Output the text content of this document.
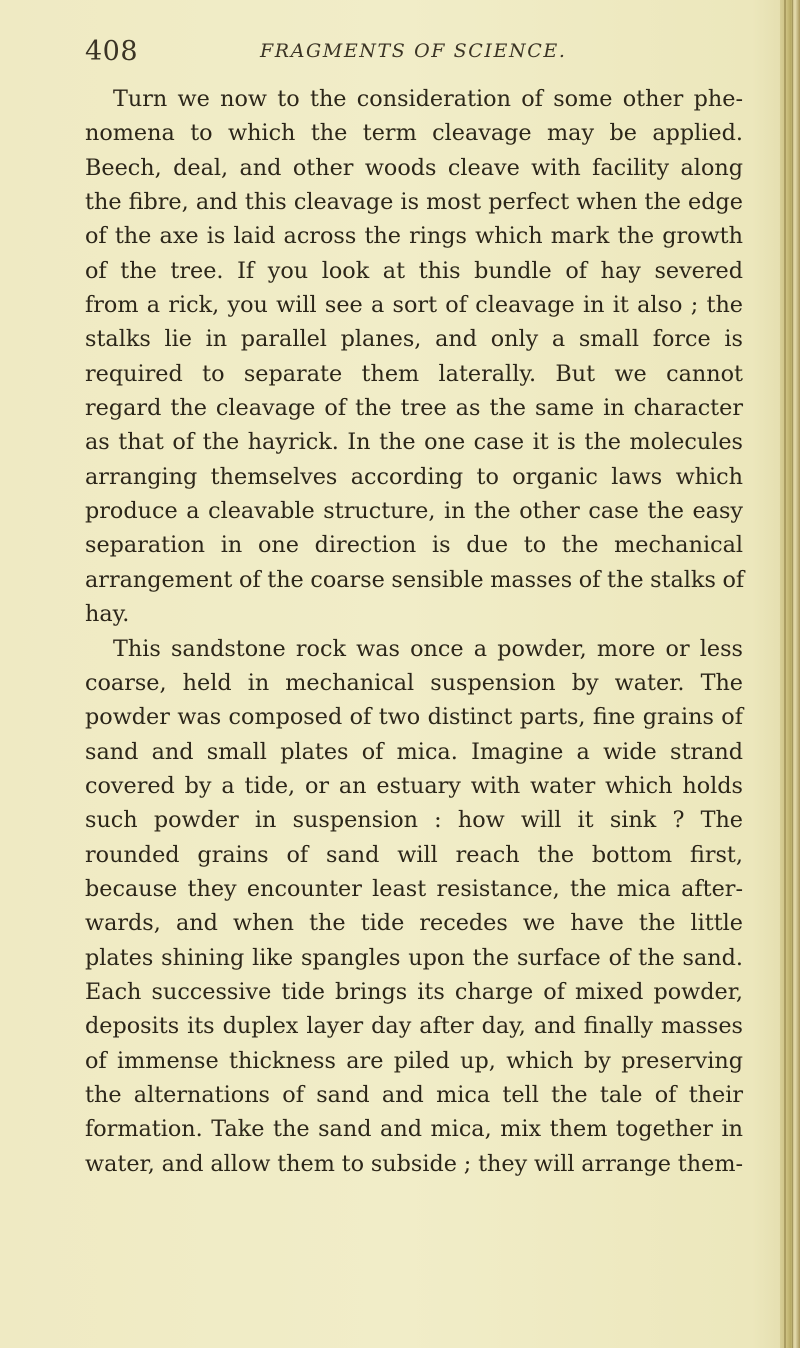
408	FRAGMENTS OF SCIENCE.
Turn we now to the consideration of some other phe-
nomena to which the term cleavage may be applied.
Beech, deal, and other woods cleave with facility along
the fibre, and this cleavage is most perfect when the edge
of the axe is laid across the rings which mark the growth
of the tree. If you look at this bundle of hay severed
from a rick, you will see a sort of cleavage in it also ; the
stalks lie in parallel planes, and only a small force is
required to separate them laterally. But we cannot
regard the cleavage of the tree as the same in character
as that of the hayrick. In the one case it is the molecules
arranging themselves according to organic laws which
produce a cleavable structure, in the other case the easy
separation in one direction is due to the mechanical
arrangement of the coarse sensible masses of the stalks of
hay.
This sandstone rock was once a powder, more or less
coarse, held in mechanical suspension by water. The
powder was composed of two distinct parts, fine grains of
sand and small plates of mica. Imagine a wide strand
covered by a tide, or an estuary with water which holds
such powder in suspension : how will it sink ? The
rounded grains of sand will reach the bottom first,
because they encounter least resistance, the mica after-
wards, and when the tide recedes we have the little
plates shining like spangles upon the surface of the sand.
Each successive tide brings its charge of mixed powder,
deposits its duplex layer day after day, and finally masses
of immense thickness are piled up, which by preserving
the alternations of sand and mica tell the tale of their
formation. Take the sand and mica, mix them together in
water, and allow them to subside ; they will arrange them-
